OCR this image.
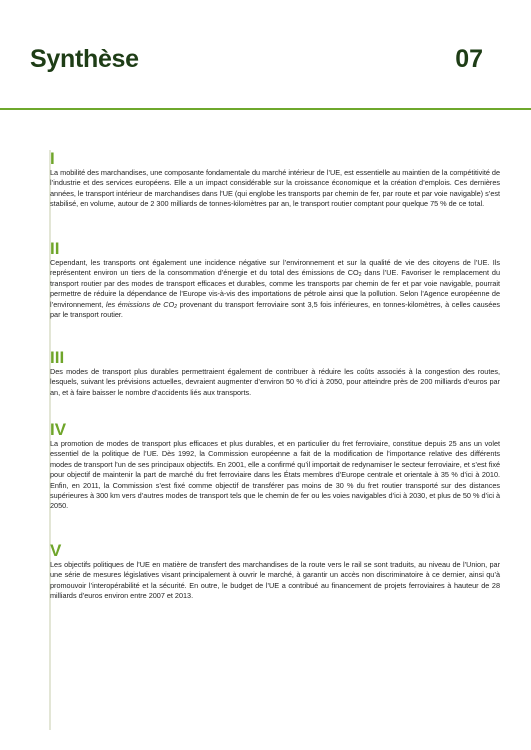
Synthèse	07
I

La mobilité des marchandises, une composante fondamentale du marché intérieur de l’UE, est essentielle au maintien de la compétitivité de l’industrie et des services européens. Elle a un impact considérable sur la croissance économique et la création d’emplois. Ces dernières années, le transport intérieur de marchandises dans l’UE (qui englobe les transports par chemin de fer, par route et par voie navigable) s’est stabilisé, en volume, autour de 2 300 milliards de tonnes-kilomètres par an, le transport routier comptant pour quelque 75 % de ce total.

II

Cependant, les transports ont également une incidence négative sur l’environnement et sur la qualité de vie des citoyens de l’UE. Ils représentent environ un tiers de la consommation d’énergie et du total des émissions de $CO_2$ dans l’UE. Favoriser le remplacement du transport routier par des modes de transport efficaces et durables, comme les transports par chemin de fer et par voie navigable, pourrait permettre de réduire la dépendance de l’Europe vis-à-vis des importations de pétrole ainsi que la pollution. Selon l’Agence européenne de l’environnement, les émissions de $CO_2$ provenant du transport ferroviaire sont 3,5 fois inférieures, en tonnes-kilomètres, à celles causées par le transport routier.

III

Des modes de transport plus durables permettraient également de contribuer à réduire les coûts associés à la congestion des routes, lesquels, suivant les prévisions actuelles, devraient augmenter d’environ 50 % d’ici à 2050, pour atteindre près de 200 milliards d’euros par an, et à faire baisser le nombre d’accidents liés aux transports.

IV

La promotion de modes de transport plus efficaces et plus durables, et en particulier du fret ferroviaire, constitue depuis 25 ans un volet essentiel de la politique de l’UE. Dès 1992, la Commission européenne a fait de la modification de l’importance relative des différents modes de transport l’un de ses principaux objectifs. En 2001, elle a confirmé qu’il importait de redynamiser le secteur ferroviaire, et s’est fixé pour objectif de maintenir la part de marché du fret ferroviaire dans les États membres d’Europe centrale et orientale à 35 % d’ici à 2010. Enfin, en 2011, la Commission s’est fixé comme objectif de transférer pas moins de 30 % du fret routier transporté sur des distances supérieures à 300 km vers d’autres modes de transport tels que le chemin de fer ou les voies navigables d’ici à 2030, et plus de 50 % d’ici à 2050.

V

Les objectifs politiques de l’UE en matière de transfert des marchandises de la route vers le rail se sont traduits, au niveau de l’Union, par une série de mesures législatives visant principalement à ouvrir le marché, à garantir un accès non discriminatoire à ce dernier, ainsi qu’à promouvoir l’interopérabilité et la sécurité. En outre, le budget de l’UE a contribué au financement de projets ferroviaires à hauteur de 28 milliards d’euros environ entre 2007 et 2013.
